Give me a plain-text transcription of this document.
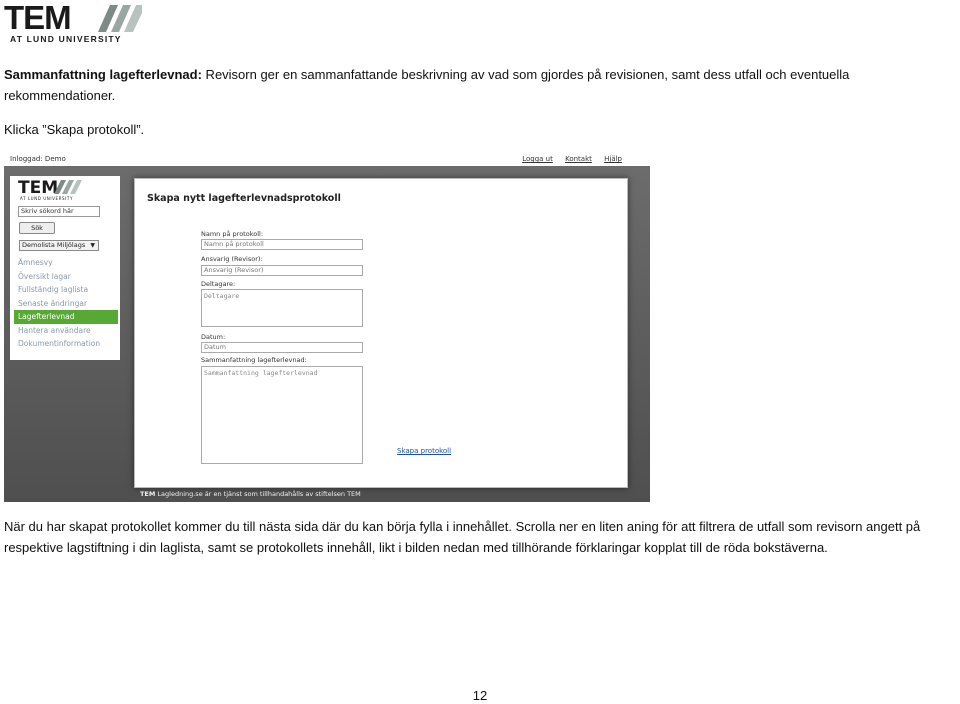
TEM
AT LUND UNIVERSITY

Sammanfattning lagefterlevnad: Revisorn ger en sammanfattande beskrivning av vad som gjordes på revisionen, samt dess utfall och eventuella rekommendationer.

Klicka ”Skapa protokoll”.

Inloggad: Demo	Logga ut Kontakt Hjälp
TEM
AT LUND UNIVERSITY
Skriv sökord här
Sök
Demolista Miljölags ▼
Ämnesvy
Översikt lagar
Fullständig laglista
Senaste ändringar
Lagefterlevnad
Hantera användare
Dokumentinformation
Skapa nytt lagefterlevnadsprotokoll
Namn på protokoll:
Namn på protokoll
Ansvarig (Revisor):
Ansvarig (Revisor)
Deltagare:
Deltagare
Datum:
Datum
Sammanfattning lagefterlevnad:
Sammanfattning lagefterlevnad
Skapa protokoll
TEM Lagledning.se är en tjänst som tillhandahålls av stiftelsen TEM

När du har skapat protokollet kommer du till nästa sida där du kan börja fylla i innehållet. Scrolla ner en liten aning för att filtrera de utfall som revisorn angett på respektive lagstiftning i din laglista, samt se protokollets innehåll, likt i bilden nedan med tillhörande förklaringar kopplat till de röda bokstäverna.

12
